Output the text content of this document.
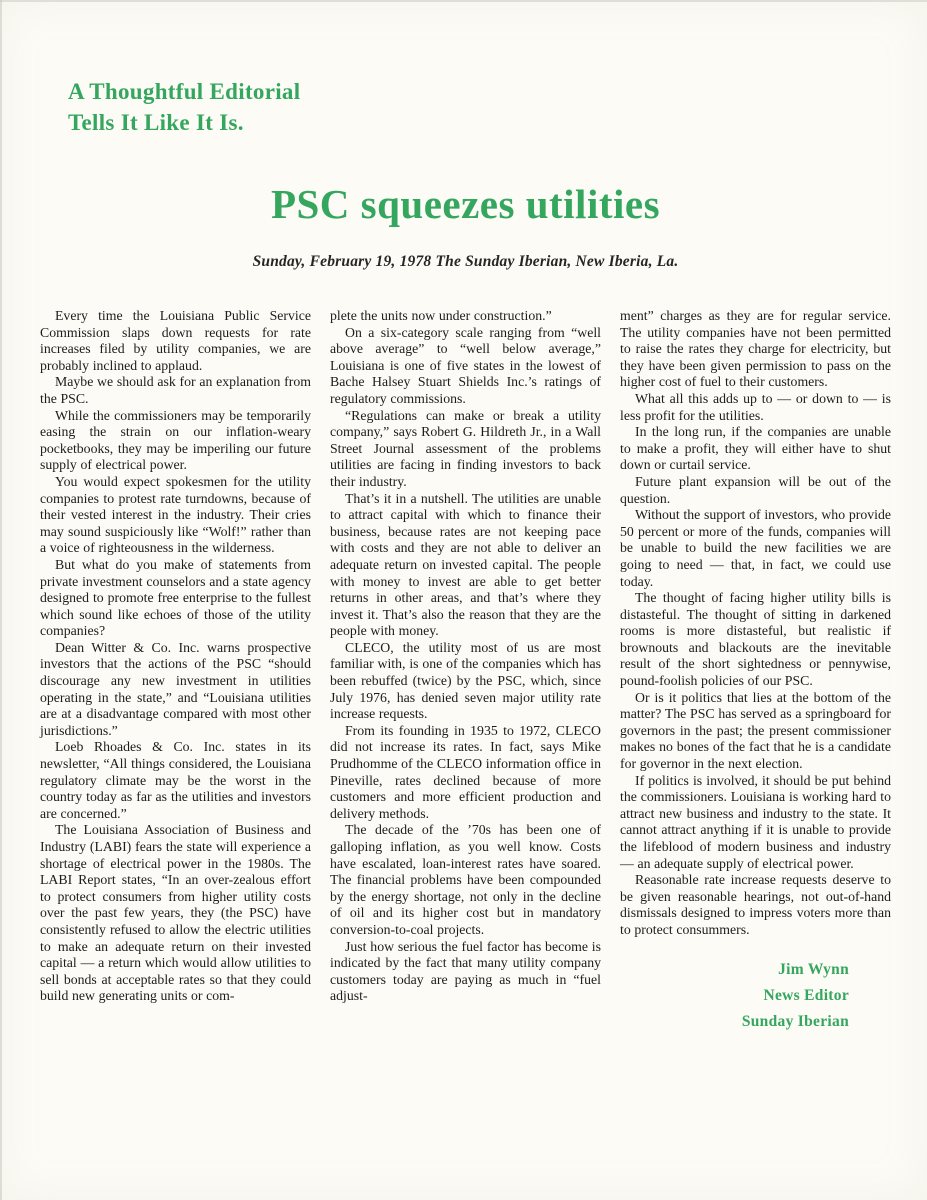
A Thoughtful Editorial
Tells It Like It Is.
PSC squeezes utilities
Sunday, February 19, 1978 The Sunday Iberian, New Iberia, La.

Every time the Louisiana Public Service Commission slaps down requests for rate increases filed by utility companies, we are probably inclined to applaud.

Maybe we should ask for an explanation from the PSC.

While the commissioners may be temporarily easing the strain on our inflation-weary pocketbooks, they may be imperiling our future supply of electrical power.

You would expect spokesmen for the utility companies to protest rate turndowns, because of their vested interest in the industry. Their cries may sound suspiciously like “Wolf!” rather than a voice of righteousness in the wilderness.

But what do you make of statements from private investment counselors and a state agency designed to promote free enterprise to the fullest which sound like echoes of those of the utility companies?

Dean Witter & Co. Inc. warns prospective investors that the actions of the PSC “should discourage any new investment in utilities operating in the state,” and “Louisiana utilities are at a disadvantage compared with most other jurisdictions.”

Loeb Rhoades & Co. Inc. states in its newsletter, “All things considered, the Louisiana regulatory climate may be the worst in the country today as far as the utilities and investors are concerned.”

The Louisiana Association of Business and Industry (LABI) fears the state will experience a shortage of electrical power in the 1980s. The LABI Report states, “In an over-zealous effort to protect consumers from higher utility costs over the past few years, they (the PSC) have consistently refused to allow the electric utilities to make an adequate return on their invested capital — a return which would allow utilities to sell bonds at acceptable rates so that they could build new generating units or com-

plete the units now under construction.”

On a six-category scale ranging from “well above average” to “well below average,” Louisiana is one of five states in the lowest of Bache Halsey Stuart Shields Inc.’s ratings of regulatory commissions.

“Regulations can make or break a utility company,” says Robert G. Hildreth Jr., in a Wall Street Journal assessment of the problems utilities are facing in finding investors to back their industry.

That’s it in a nutshell. The utilities are unable to attract capital with which to finance their business, because rates are not keeping pace with costs and they are not able to deliver an adequate return on invested capital. The people with money to invest are able to get better returns in other areas, and that’s where they invest it. That’s also the reason that they are the people with money.

CLECO, the utility most of us are most familiar with, is one of the companies which has been rebuffed (twice) by the PSC, which, since July 1976, has denied seven major utility rate increase requests.

From its founding in 1935 to 1972, CLECO did not increase its rates. In fact, says Mike Prudhomme of the CLECO information office in Pineville, rates declined because of more customers and more efficient production and delivery methods.

The decade of the ’70s has been one of galloping inflation, as you well know. Costs have escalated, loan-interest rates have soared. The financial problems have been compounded by the energy shortage, not only in the decline of oil and its higher cost but in mandatory conversion-to-coal projects.

Just how serious the fuel factor has become is indicated by the fact that many utility company customers today are paying as much in “fuel adjust-

ment” charges as they are for regular service. The utility companies have not been permitted to raise the rates they charge for electricity, but they have been given permission to pass on the higher cost of fuel to their customers.

What all this adds up to — or down to — is less profit for the utilities.

In the long run, if the companies are unable to make a profit, they will either have to shut down or curtail service.

Future plant expansion will be out of the question.

Without the support of investors, who provide 50 percent or more of the funds, companies will be unable to build the new facilities we are going to need — that, in fact, we could use today.

The thought of facing higher utility bills is distasteful. The thought of sitting in darkened rooms is more distasteful, but realistic if brownouts and blackouts are the inevitable result of the short sightedness or pennywise, pound-foolish policies of our PSC.

Or is it politics that lies at the bottom of the matter? The PSC has served as a springboard for governors in the past; the present commissioner makes no bones of the fact that he is a candidate for governor in the next election.

If politics is involved, it should be put behind the commissioners. Louisiana is working hard to attract new business and industry to the state. It cannot attract anything if it is unable to provide the lifeblood of modern business and industry — an adequate supply of electrical power.

Reasonable rate increase requests deserve to be given reasonable hearings, not out-of-hand dismissals designed to impress voters more than to protect consummers.

Jim Wynn
News Editor
Sunday Iberian
